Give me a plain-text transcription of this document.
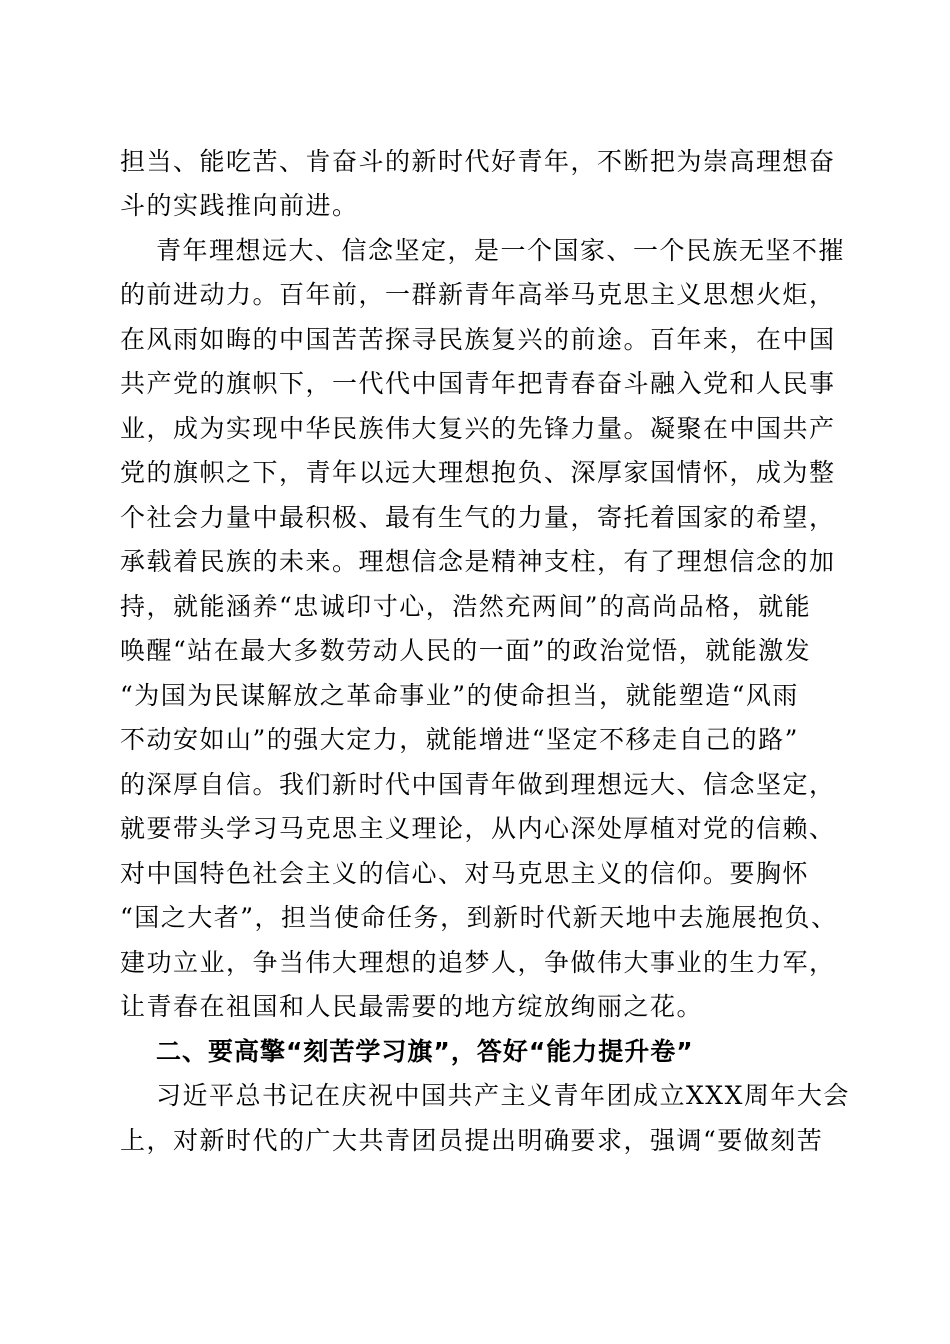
担当、能吃苦、肯奋斗的新时代好青年，不断把为崇高理想奋
斗的实践推向前进。
青年理想远大、信念坚定，是一个国家、一个民族无坚不摧
的前进动力。百年前，一群新青年高举马克思主义思想火炬，
在风雨如晦的中国苦苦探寻民族复兴的前途。百年来，在中国
共产党的旗帜下，一代代中国青年把青春奋斗融入党和人民事
业，成为实现中华民族伟大复兴的先锋力量。凝聚在中国共产
党的旗帜之下，青年以远大理想抱负、深厚家国情怀，成为整
个社会力量中最积极、最有生气的力量，寄托着国家的希望，
承载着民族的未来。理想信念是精神支柱，有了理想信念的加
持，就能涵养“忠诚印寸心，浩然充两间”的高尚品格，就能
唤醒“站在最大多数劳动人民的一面”的政治觉悟，就能激发
“为国为民谋解放之革命事业”的使命担当，就能塑造“风雨
不动安如山”的强大定力，就能增进“坚定不移走自己的路”
的深厚自信。我们新时代中国青年做到理想远大、信念坚定，
就要带头学习马克思主义理论，从内心深处厚植对党的信赖、
对中国特色社会主义的信心、对马克思主义的信仰。要胸怀
“国之大者”，担当使命任务，到新时代新天地中去施展抱负、
建功立业，争当伟大理想的追梦人，争做伟大事业的生力军，
让青春在祖国和人民最需要的地方绽放绚丽之花。
二、要高擎“刻苦学习旗”，答好“能力提升卷”
习近平总书记在庆祝中国共产主义青年团成立XXX周年大会
上，对新时代的广大共青团员提出明确要求，强调“要做刻苦
